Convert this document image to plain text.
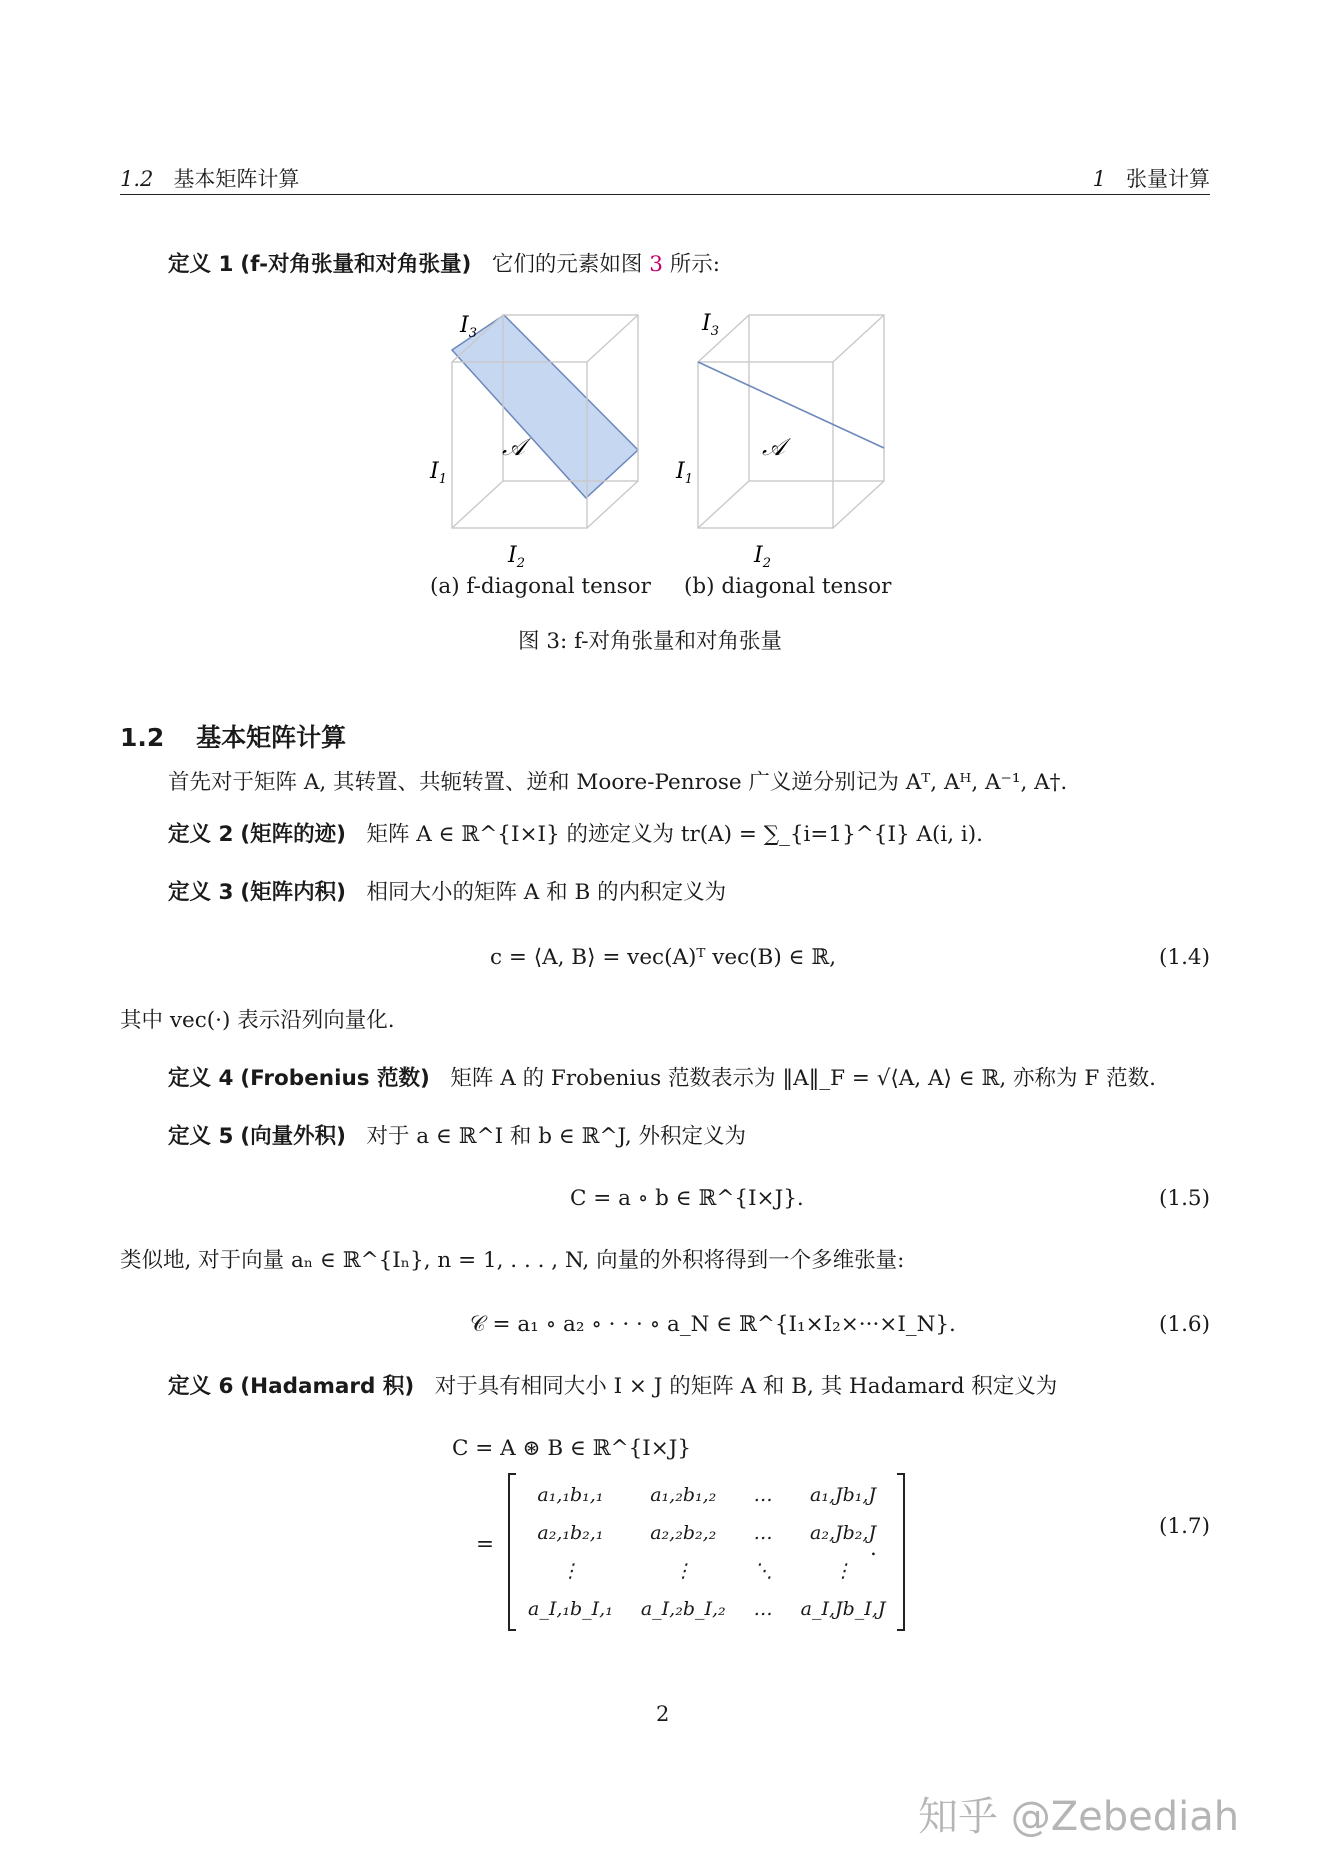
1.2 基本矩阵计算	1 张量计算
定义 1 (f-对角张量和对角张量) 它们的元素如图 3 所示:
$I_3$
$I_1$
𝒜
$I_2$
$I_3$
$I_1$
𝒜
$I_2$
(a) f-diagonal tensor (b) diagonal tensor
图 3: f-对角张量和对角张量
1.2 基本矩阵计算
首先对于矩阵 A, 其转置、共轭转置、逆和 Moore-Penrose 广义逆分别记为 Aᵀ, Aᴴ, A⁻¹, A†.
定义 2 (矩阵的迹) 矩阵 A ∈ ℝ^{I×I} 的迹定义为 tr(A) = ∑_{i=1}^{I} A(i, i).
定义 3 (矩阵内积) 相同大小的矩阵 A 和 B 的内积定义为
c = ⟨A, B⟩ = vec(A)ᵀ vec(B) ∈ ℝ,	(1.4)
其中 vec(·) 表示沿列向量化.
定义 4 (Frobenius 范数) 矩阵 A 的 Frobenius 范数表示为 ‖A‖_F = √⟨A, A⟩ ∈ ℝ, 亦称为 F 范数.
定义 5 (向量外积) 对于 a ∈ ℝ^I 和 b ∈ ℝ^J, 外积定义为
C = a ∘ b ∈ ℝ^{I×J}.	(1.5)
类似地, 对于向量 aₙ ∈ ℝ^{Iₙ}, n = 1, . . . , N, 向量的外积将得到一个多维张量:
𝒞 = a₁ ∘ a₂ ∘ · · · ∘ a_N ∈ ℝ^{I₁×I₂×···×I_N}.	(1.6)
定义 6 (Hadamard 积) 对于具有相同大小 I × J 的矩阵 A 和 B, 其 Hadamard 积定义为
C = A ⊛ B ∈ ℝ^{I×J}
=
a₁,₁b₁,₁	a₁,₂b₁,₂	…	a₁,Jb₁,J
a₂,₁b₂,₁	a₂,₂b₂,₂	…	a₂,Jb₂,J
⋮	⋮	⋱	⋮
a_I,₁b_I,₁	a_I,₂b_I,₂	…	a_I,Jb_I,J
.
(1.7)
2
知乎 @Zebediah
